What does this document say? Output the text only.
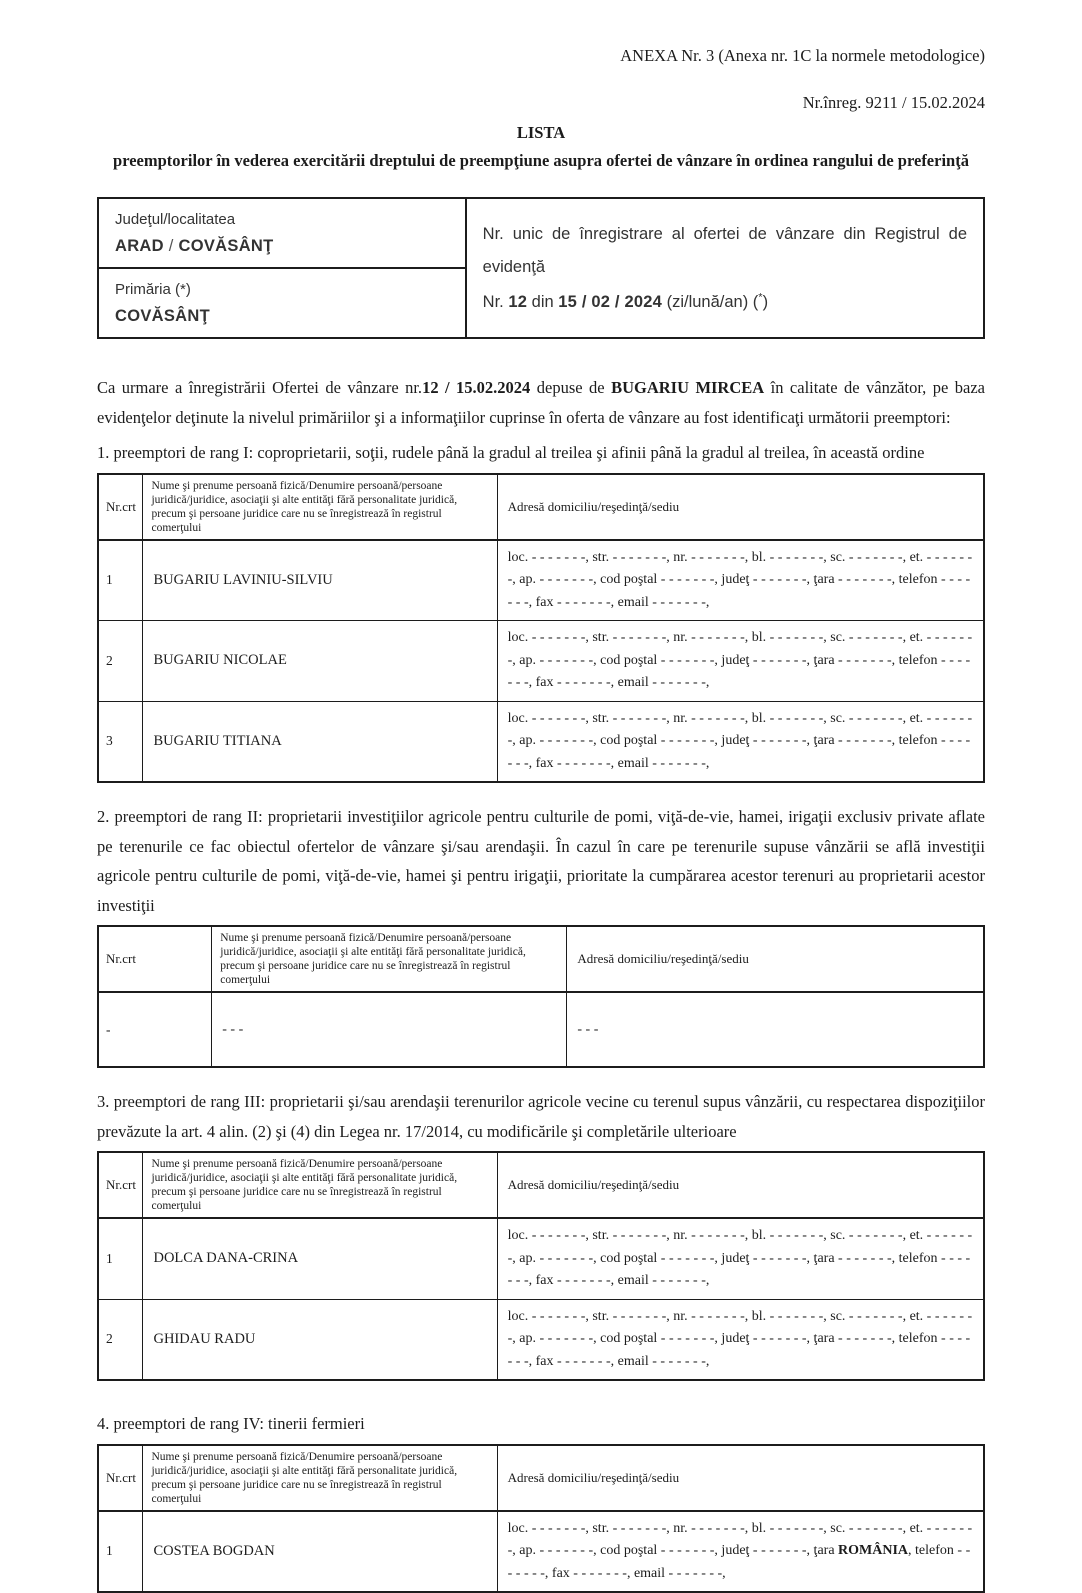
ANEXA Nr. 3 (Anexa nr. 1C la normele metodologice)
Nr.înreg. 9211 / 15.02.2024
LISTA
preemptorilor în vederea exercitării dreptului de preempţiune asupra ofertei de vânzare în ordinea rangului de preferinţă
Judeţul/localitatea
ARAD / COVĂSÂNŢ

Nr. unic de înregistrare al ofertei de vânzare din Registrul de evidenţă
Nr. 12 din 15 / 02 / 2024 (zi/lună/an) (*)

Primăria (*)
COVĂSÂNŢ
Ca urmare a înregistrării Ofertei de vânzare nr.12 / 15.02.2024 depuse de BUGARIU MIRCEA în calitate de vânzător, pe baza evidenţelor deţinute la nivelul primăriilor şi a informaţiilor cuprinse în oferta de vânzare au fost identificaţi următorii preemptori:
1. preemptori de rang I: coproprietarii, soţii, rudele până la gradul al treilea şi afinii până la gradul al treilea, în această ordine
Nr.crt	Nume şi prenume persoană fizică/Denumire persoană/persoane juridică/juridice, asociaţii şi alte entităţi fără personalitate juridică, precum şi persoane juridice care nu se înregistrează în registrul comerţului	Adresă domiciliu/reşedinţă/sediu
1	BUGARIU LAVINIU-SILVIU	loc. - - - - - - -, str. - - - - - - -, nr. - - - - - - -, bl. - - - - - - -, sc. - - - - - - -, et. - - - - - - -, ap. - - - - - - -, cod poştal - - - - - - -, judeţ - - - - - - -, ţara - - - - - - -, telefon - - - - - - -, fax - - - - - - -, email - - - - - - -,
2	BUGARIU NICOLAE	loc. - - - - - - -, str. - - - - - - -, nr. - - - - - - -, bl. - - - - - - -, sc. - - - - - - -, et. - - - - - - -, ap. - - - - - - -, cod poştal - - - - - - -, judeţ - - - - - - -, ţara - - - - - - -, telefon - - - - - - -, fax - - - - - - -, email - - - - - - -,
3	BUGARIU TITIANA	loc. - - - - - - -, str. - - - - - - -, nr. - - - - - - -, bl. - - - - - - -, sc. - - - - - - -, et. - - - - - - -, ap. - - - - - - -, cod poştal - - - - - - -, judeţ - - - - - - -, ţara - - - - - - -, telefon - - - - - - -, fax - - - - - - -, email - - - - - - -,
2. preemptori de rang II: proprietarii investiţiilor agricole pentru culturile de pomi, viţă-de-vie, hamei, irigaţii exclusiv private aflate pe terenurile ce fac obiectul ofertelor de vânzare şi/sau arendaşii. În cazul în care pe terenurile supuse vânzării se află investiţii agricole pentru culturile de pomi, viţă-de-vie, hamei şi pentru irigaţii, prioritate la cumpărarea acestor terenuri au proprietarii acestor investiţii
Nr.crt	Nume şi prenume persoană fizică/Denumire persoană/persoane juridică/juridice, asociaţii şi alte entităţi fără personalitate juridică, precum şi persoane juridice care nu se înregistrează în registrul comerţului	Adresă domiciliu/reşedinţă/sediu
-	- - -	- - -
3. preemptori de rang III: proprietarii şi/sau arendaşii terenurilor agricole vecine cu terenul supus vânzării, cu respectarea dispoziţiilor prevăzute la art. 4 alin. (2) şi (4) din Legea nr. 17/2014, cu modificările şi completările ulterioare
Nr.crt	Nume şi prenume persoană fizică/Denumire persoană/persoane juridică/juridice, asociaţii şi alte entităţi fără personalitate juridică, precum şi persoane juridice care nu se înregistrează în registrul comerţului	Adresă domiciliu/reşedinţă/sediu
1	DOLCA DANA-CRINA	loc. - - - - - - -, str. - - - - - - -, nr. - - - - - - -, bl. - - - - - - -, sc. - - - - - - -, et. - - - - - - -, ap. - - - - - - -, cod poştal - - - - - - -, judeţ - - - - - - -, ţara - - - - - - -, telefon - - - - - - -, fax - - - - - - -, email - - - - - - -,
2	GHIDAU RADU	loc. - - - - - - -, str. - - - - - - -, nr. - - - - - - -, bl. - - - - - - -, sc. - - - - - - -, et. - - - - - - -, ap. - - - - - - -, cod poştal - - - - - - -, judeţ - - - - - - -, ţara - - - - - - -, telefon - - - - - - -, fax - - - - - - -, email - - - - - - -,
4. preemptori de rang IV: tinerii fermieri
Nr.crt	Nume şi prenume persoană fizică/Denumire persoană/persoane juridică/juridice, asociaţii şi alte entităţi fără personalitate juridică, precum şi persoane juridice care nu se înregistrează în registrul comerţului	Adresă domiciliu/reşedinţă/sediu
1	COSTEA BOGDAN	loc. - - - - - - -, str. - - - - - - -, nr. - - - - - - -, bl. - - - - - - -, sc. - - - - - - -, et. - - - - - - -, ap. - - - - - - -, cod poştal - - - - - - -, judeţ - - - - - - -, ţara ROMÂNIA, telefon - - - - - - -, fax - - - - - - -, email - - - - - - -,
